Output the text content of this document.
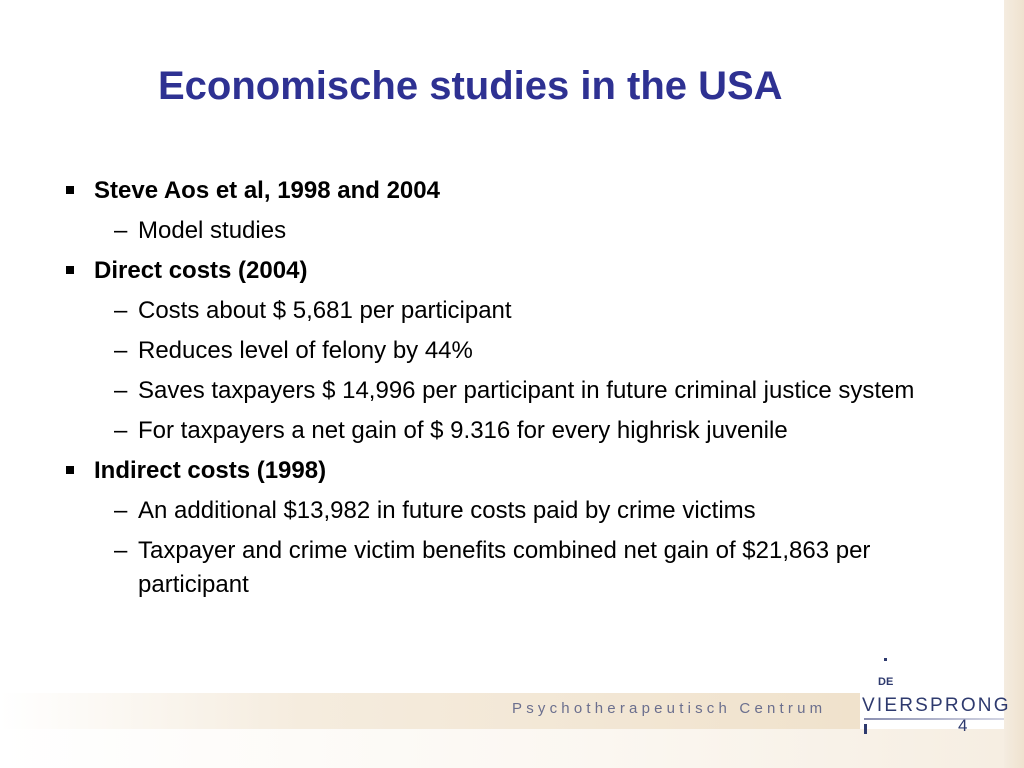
Economische studies in the USA
Steve Aos et al, 1998 and 2004
– Model studies
Direct costs (2004)
– Costs about $ 5,681 per participant
– Reduces level of felony by 44%
– Saves taxpayers $ 14,996 per participant in future criminal justice system
– For taxpayers a net gain of $ 9.316 for every highrisk juvenile
Indirect costs (1998)
– An additional $13,982 in future costs paid by crime victims
– Taxpayer and crime victim benefits combined net gain of $21,863 per participant
Psychotherapeutisch Centrum
DE
VIERSPRONG
4
